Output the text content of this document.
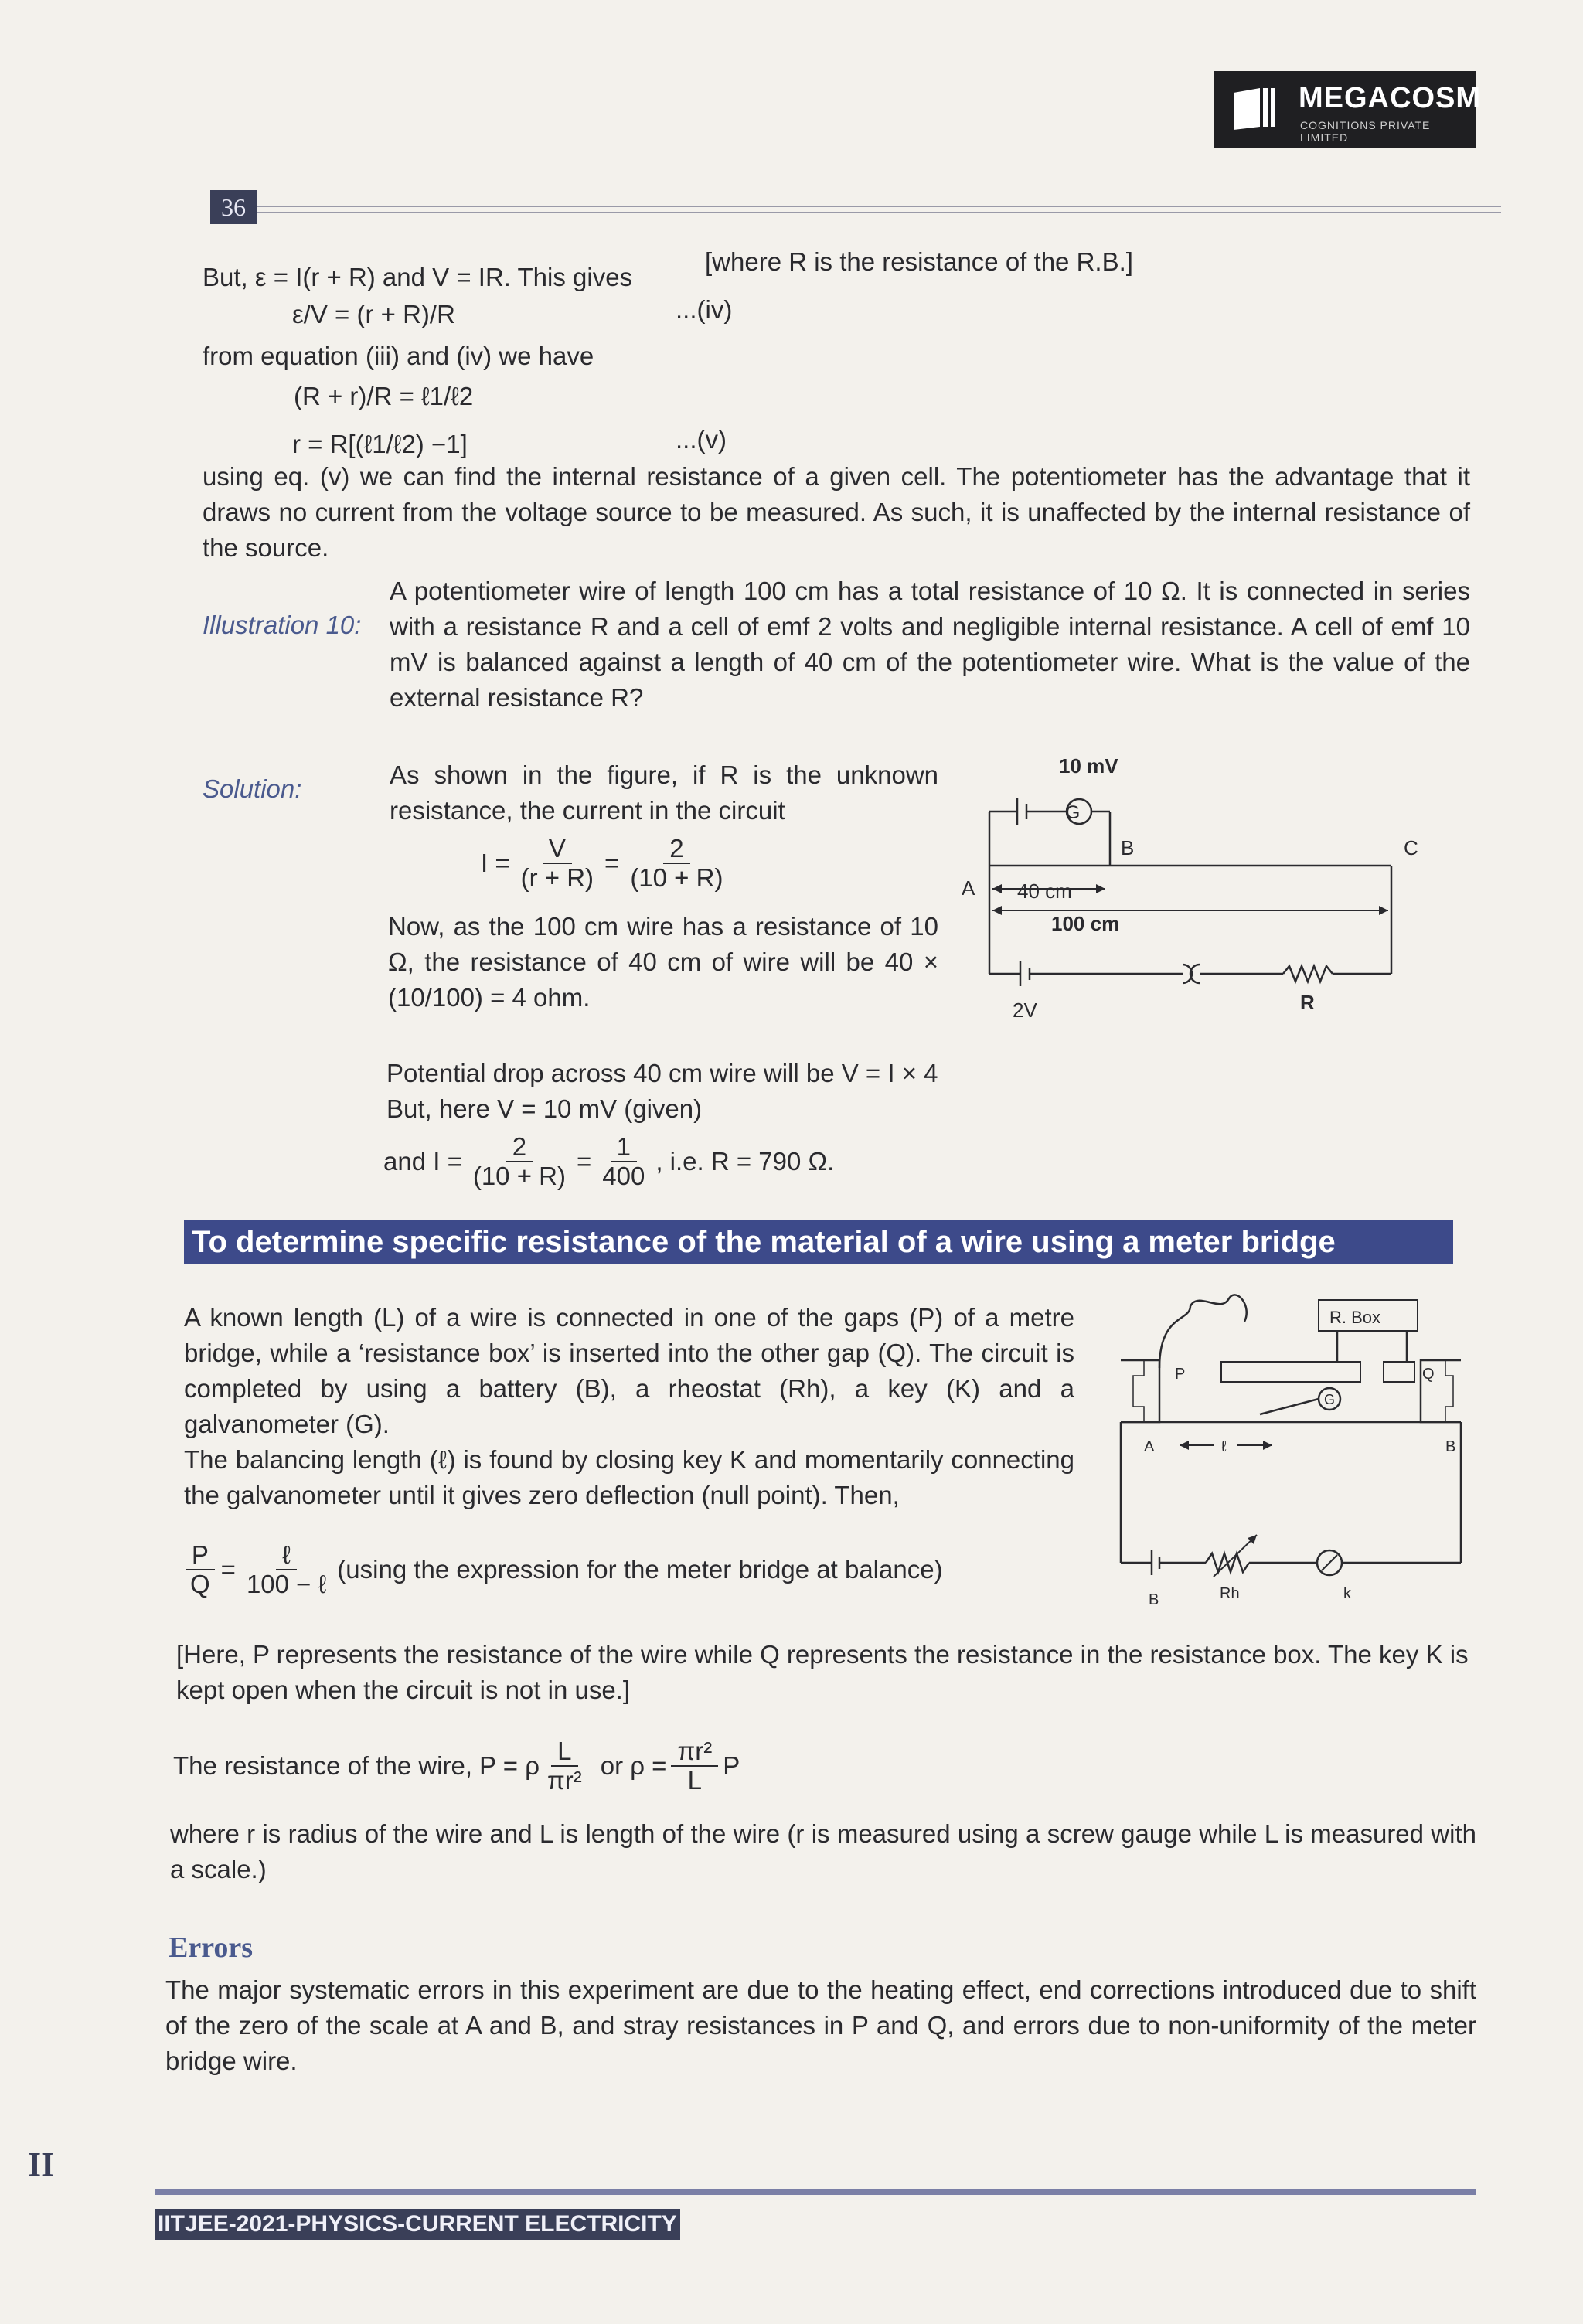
MEGACOSM
COGNITIONS PRIVATE LIMITED
36
But, ε = I(r + R) and V = IR. This gives
[where R is the resistance of the R.B.]
ε/V = (r + R)/R	...(iv)
from equation (iii) and (iv) we have
(R + r)/R = ℓ1/ℓ2
r = R[(ℓ1/ℓ2) −1]	...(v)
using eq. (v) we can find the internal resistance of a given cell. The potentiometer has the advantage that it draws no current from the voltage source to be measured. As such, it is unaffected by the internal resistance of the source.
Illustration 10:
A potentiometer wire of length 100 cm has a total resistance of 10 Ω. It is connected in series with a resistance R and a cell of emf 2 volts and negligible internal resistance. A cell of emf 10 mV is balanced against a length of 40 cm of the potentiometer wire. What is the value of the external resistance R?
Solution:	As shown in the figure, if R is the unknown resistance, the current in the circuit
$I = \frac{V}{(r + R)} = \frac{2}{(10 + R)}$
Now, as the 100 cm wire has a resistance of 10 Ω, the resistance of 40 cm of wire will be 40 × (10/100) = 4 ohm.
Potential drop across 40 cm wire will be V = I × 4
But, here V = 10 mV (given)
and $I = \frac{2}{(10 + R)} = \frac{1}{400}$ , i.e. R = 790 Ω.
10 mV
G
A
B	C
40 cm
100 cm
2V	R
To determine specific resistance of the material of a wire using a meter bridge
A known length (L) of a wire is connected in one of the gaps (P) of a metre bridge, while a ‘resistance box’ is inserted into the other gap (Q). The circuit is completed by using a battery (B), a rheostat (Rh), a key (K) and a galvanometer (G).
The balancing length (ℓ) is found by closing key K and momentarily connecting the galvanometer until it gives zero deflection (null point). Then,
$\frac{P}{Q} = \frac{\text{ℓ}}{\text{100 − ℓ}} (using$ the expression for the meter bridge at balance)
R. Box
P	Q
G
A	ℓ	B
B	Rh	k
[Here, P represents the resistance of the wire while Q represents the resistance in the resistance box. The key K is kept open when the circuit is not in use.]
The resistance of the wire, P = ρ $\frac{L}{\text{πr²}}$ or $\rho = \frac{\text{πr²}}{L}$ P
where r is radius of the wire and L is length of the wire (r is measured using a screw gauge while L is measured with a scale.)
Errors
The major systematic errors in this experiment are due to the heating effect, end corrections introduced due to shift of the zero of the scale at A and B, and stray resistances in P and Q, and errors due to non-uniformity of the meter bridge wire.
II
IITJEE-2021-PHYSICS-CURRENT ELECTRICITY
